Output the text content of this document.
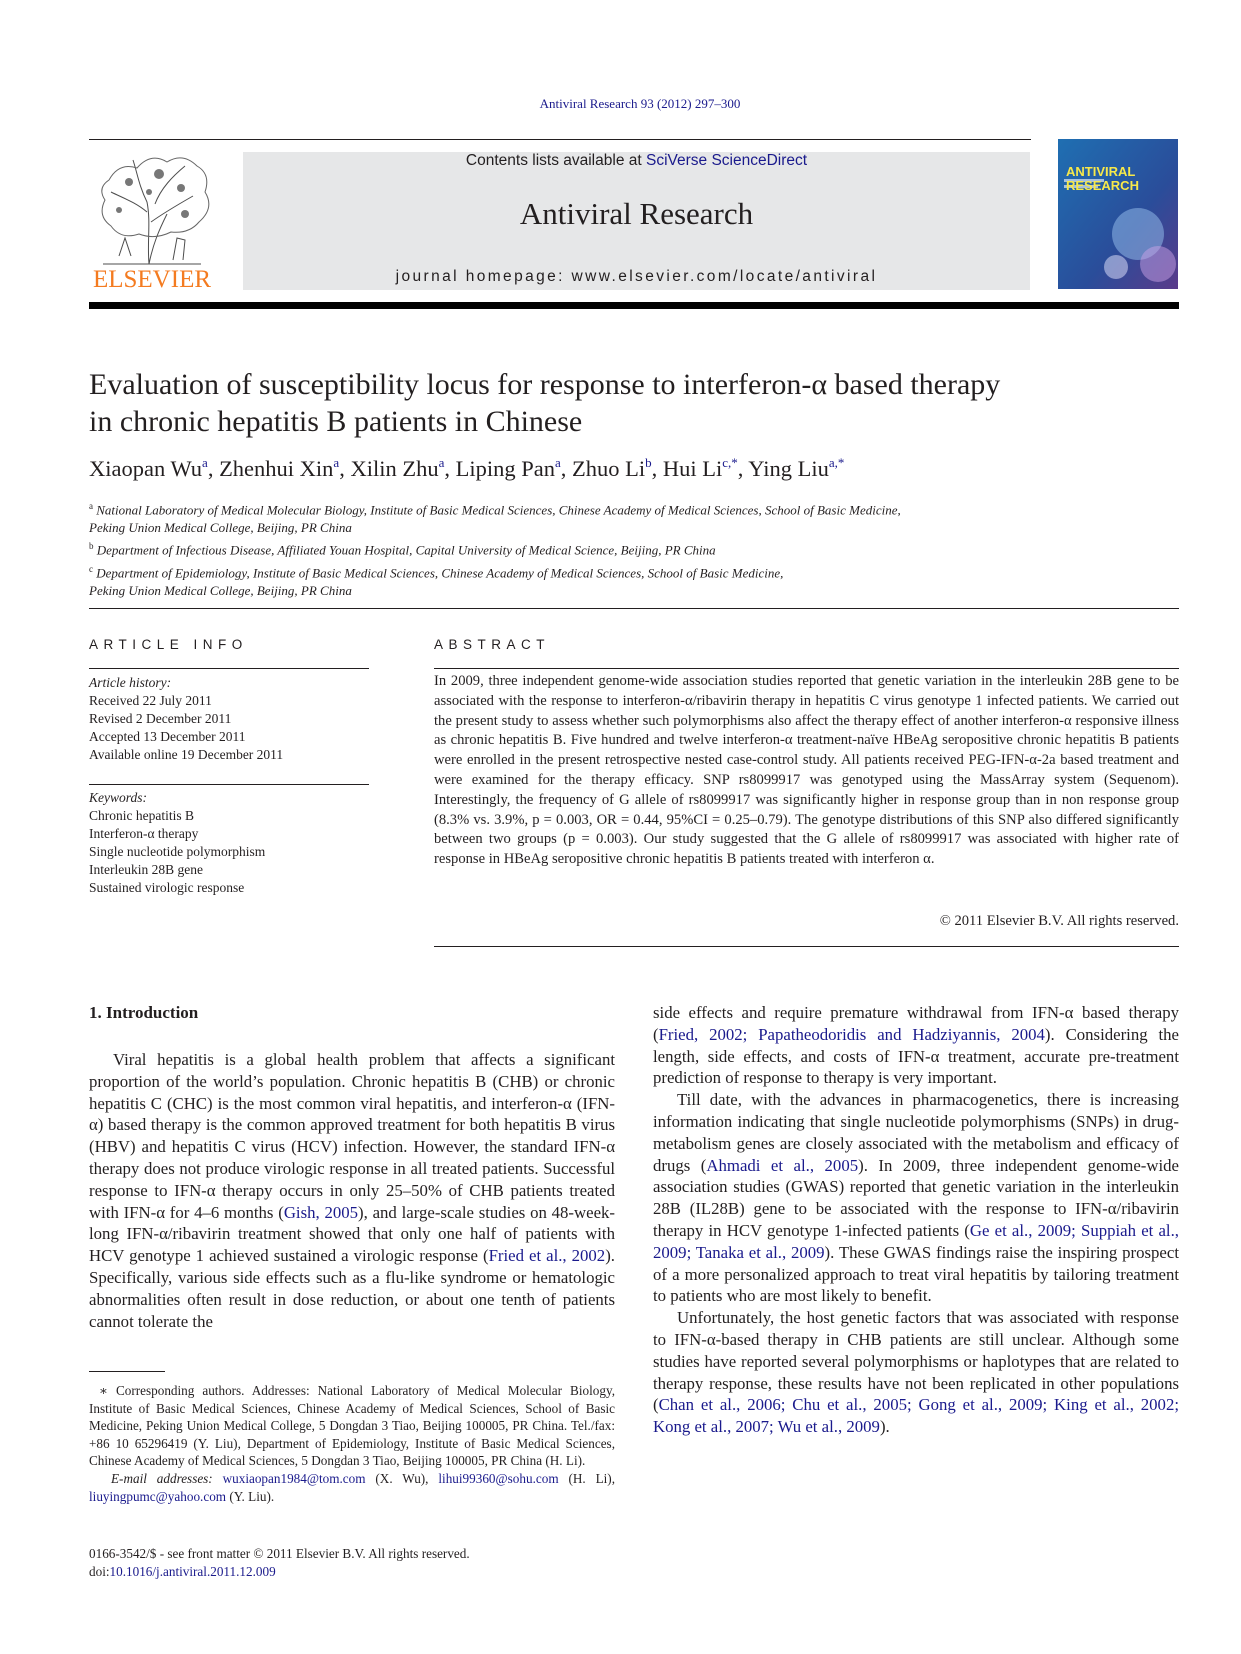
Antiviral Research 93 (2012) 297–300
ELSEVIER
Contents lists available at SciVerse ScienceDirect
Antiviral Research
journal homepage: www.elsevier.com/locate/antiviral
ANTIVIRAL
RESEARCH
Evaluation of susceptibility locus for response to interferon-α based therapy
in chronic hepatitis B patients in Chinese
Xiaopan Wu$^a$, Zhenhui Xin$^a$, Xilin Zhu$^a$, Liping Pan$^a$, Zhuo Li$^b$, Hui $Li^{c,*}$, Ying Liu$^{a,*}$
$^a$ National Laboratory of Medical Molecular Biology, Institute of Basic Medical Sciences, Chinese Academy of Medical Sciences, School of Basic Medicine,
Peking Union Medical College, Beijing, PR China
$^b$ Department of Infectious Disease, Affiliated Youan Hospital, Capital University of Medical Science, Beijing, PR China
$^c$ Department of Epidemiology, Institute of Basic Medical Sciences, Chinese Academy of Medical Sciences, School of Basic Medicine,
Peking Union Medical College, Beijing, PR China
ARTICLE INFO
Article history:
Received 22 July 2011
Revised 2 December 2011
Accepted 13 December 2011
Available online 19 December 2011
Keywords:
Chronic hepatitis B
Interferon-α therapy
Single nucleotide polymorphism
Interleukin 28B gene
Sustained virologic response
ABSTRACT
In 2009, three independent genome-wide association studies reported that genetic variation in the interleukin 28B gene to be associated with the response to interferon-α/ribavirin therapy in hepatitis C virus genotype 1 infected patients. We carried out the present study to assess whether such polymorphisms also affect the therapy effect of another interferon-α responsive illness as chronic hepatitis B. Five hundred and twelve interferon-α treatment-naïve HBeAg seropositive chronic hepatitis B patients were enrolled in the present retrospective nested case-control study. All patients received PEG-IFN-α-2a based treatment and were examined for the therapy efficacy. SNP rs8099917 was genotyped using the MassArray system (Sequenom). Interestingly, the frequency of G allele of rs8099917 was significantly higher in response group than in non response group (8.3% vs. 3.9%, p = 0.003, OR = 0.44, 95%CI = 0.25–0.79). The genotype distributions of this SNP also differed significantly between two groups (p = 0.003). Our study suggested that the G allele of rs8099917 was associated with higher rate of response in HBeAg seropositive chronic hepatitis B patients treated with interferon α.
© 2011 Elsevier B.V. All rights reserved.
1. Introduction

Viral hepatitis is a global health problem that affects a significant proportion of the world’s population. Chronic hepatitis B (CHB) or chronic hepatitis C (CHC) is the most common viral hepatitis, and interferon-α (IFN-α) based therapy is the common approved treatment for both hepatitis B virus (HBV) and hepatitis C virus (HCV) infection. However, the standard IFN-α therapy does not produce virologic response in all treated patients. Successful response to IFN-α therapy occurs in only 25–50% of CHB patients treated with IFN-α for 4–6 months (Gish, 2005), and large-scale studies on 48-week-long IFN-α/ribavirin treatment showed that only one half of patients with HCV genotype 1 achieved sustained a virologic response (Fried et al., 2002). Specifically, various side effects such as a flu-like syndrome or hematologic abnormalities often result in dose reduction, or about one tenth of patients cannot tolerate the

side effects and require premature withdrawal from IFN-α based therapy (Fried, 2002; Papatheodoridis and Hadziyannis, 2004). Considering the length, side effects, and costs of IFN-α treatment, accurate pre-treatment prediction of response to therapy is very important.

Till date, with the advances in pharmacogenetics, there is increasing information indicating that single nucleotide polymorphisms (SNPs) in drug-metabolism genes are closely associated with the metabolism and efficacy of drugs (Ahmadi et al., 2005). In 2009, three independent genome-wide association studies (GWAS) reported that genetic variation in the interleukin 28B (IL28B) gene to be associated with the response to IFN-α/ribavirin therapy in HCV genotype 1-infected patients (Ge et al., 2009; Suppiah et al., 2009; Tanaka et al., 2009). These GWAS findings raise the inspiring prospect of a more personalized approach to treat viral hepatitis by tailoring treatment to patients who are most likely to benefit.

Unfortunately, the host genetic factors that was associated with response to IFN-α-based therapy in CHB patients are still unclear. Although some studies have reported several polymorphisms or haplotypes that are related to therapy response, these results have not been replicated in other populations (Chan et al., 2006; Chu et al., 2005; Gong et al., 2009; King et al., 2002; Kong et al., 2007; Wu et al., 2009).

∗ Corresponding authors. Addresses: National Laboratory of Medical Molecular Biology, Institute of Basic Medical Sciences, Chinese Academy of Medical Sciences, School of Basic Medicine, Peking Union Medical College, 5 Dongdan 3 Tiao, Beijing 100005, PR China. Tel./fax: +86 10 65296419 (Y. Liu), Department of Epidemiology, Institute of Basic Medical Sciences, Chinese Academy of Medical Sciences, 5 Dongdan 3 Tiao, Beijing 100005, PR China (H. Li).

E-mail addresses: wuxiaopan1984@tom.com (X. Wu), lihui99360@sohu.com (H. Li), liuyingpumc@yahoo.com (Y. Liu).

0166-3542/$ - see front matter © 2011 Elsevier B.V. All rights reserved.
doi:10.1016/j.antiviral.2011.12.009
